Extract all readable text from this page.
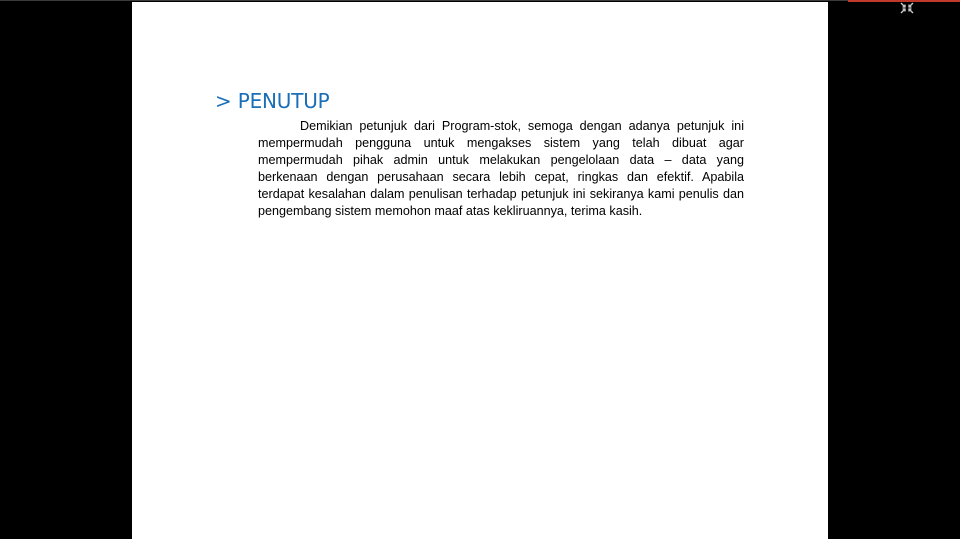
> PENUTUP

Demikian petunjuk dari Program-stok, semoga dengan adanya petunjuk ini mempermudah pengguna untuk mengakses sistem yang telah dibuat agar mempermudah pihak admin untuk melakukan pengelolaan data – data yang berkenaan dengan perusahaan secara lebih cepat, ringkas dan efektif. Apabila terdapat kesalahan dalam penulisan terhadap petunjuk ini sekiranya kami penulis dan pengembang sistem memohon maaf atas kekliruannya, terima kasih.
